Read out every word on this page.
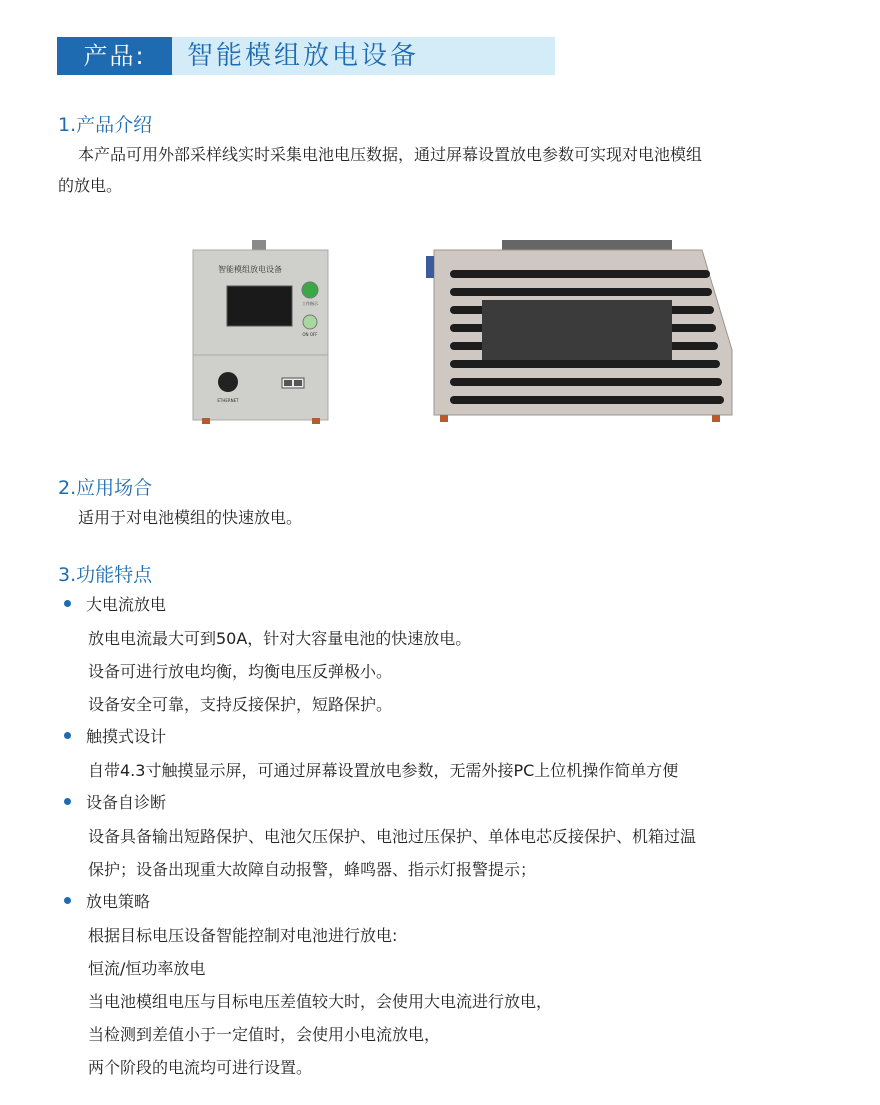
产品:	智能模组放电设备
1.产品介绍
本产品可用外部采样线实时采集电池电压数据，通过屏幕设置放电参数可实现对电池模组
的放电。
智能模组放电设备
工作指示
ON OFF
ETHERNET
2.应用场合
适用于对电池模组的快速放电。
3.功能特点
大电流放电
放电电流最大可到50A，针对大容量电池的快速放电。
设备可进行放电均衡，均衡电压反弹极小。
设备安全可靠，支持反接保护，短路保护。
触摸式设计
自带4.3寸触摸显示屏，可通过屏幕设置放电参数，无需外接PC上位机操作简单方便
设备自诊断
设备具备输出短路保护、电池欠压保护、电池过压保护、单体电芯反接保护、机箱过温
保护；设备出现重大故障自动报警，蜂鸣器、指示灯报警提示；
放电策略
根据目标电压设备智能控制对电池进行放电:
恒流/恒功率放电
当电池模组电压与目标电压差值较大时，会使用大电流进行放电，
当检测到差值小于一定值时，会使用小电流放电，
两个阶段的电流均可进行设置。
